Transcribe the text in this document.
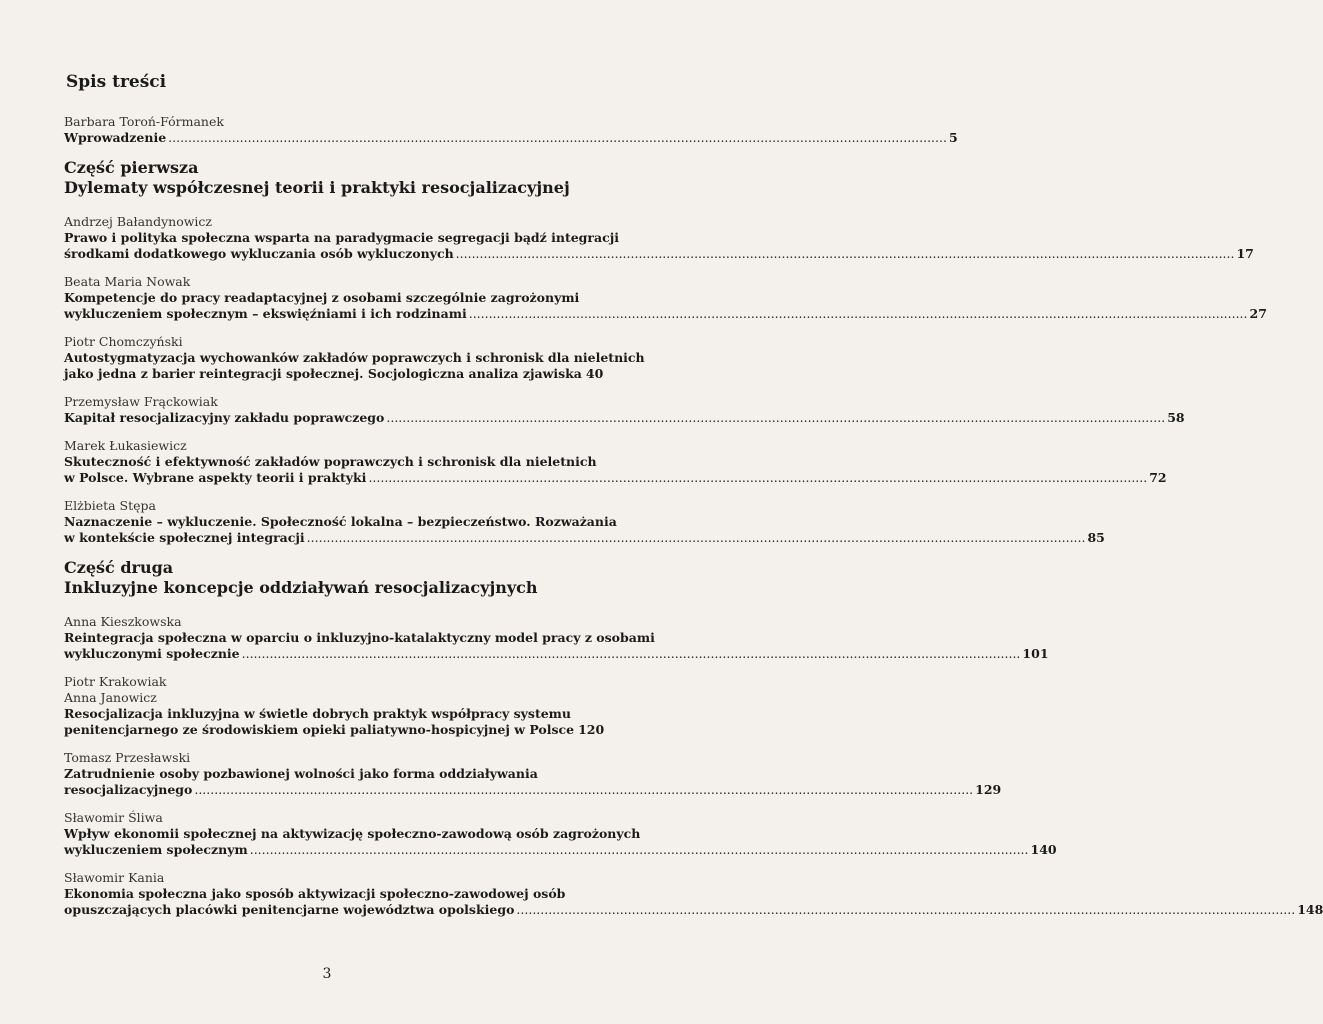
Spis treści

Barbara Toroń-Fórmanek

Wprowadzenie .....	5
Część pierwsza
Dylematy współczesnej teorii i praktyki resocjalizacyjnej

Andrzej Bałandynowicz

Prawo i polityka społeczna wsparta na paradygmacie segregacji bądź integracji
środkami dodatkowego wykluczania osób wykluczonych .....	17

Beata Maria Nowak

Kompetencje do pracy readaptacyjnej z osobami szczególnie zagrożonymi
wykluczeniem społecznym – ekswięźniami i ich rodzinami .....	27

Piotr Chomczyński

Autostygmatyzacja wychowanków zakładów poprawczych i schronisk dla nieletnich
jako jedna z barier reintegracji społecznej. Socjologiczna analiza zjawiska 40

Przemysław Frąckowiak

Kapitał resocjalizacyjny zakładu poprawczego .....	58

Marek Łukasiewicz

Skuteczność i efektywność zakładów poprawczych i schronisk dla nieletnich
w Polsce. Wybrane aspekty teorii i praktyki .....	72

Elżbieta Stępa

Naznaczenie – wykluczenie. Społeczność lokalna – bezpieczeństwo. Rozważania
w kontekście społecznej integracji .....	85
Część druga
Inkluzyjne koncepcje oddziaływań resocjalizacyjnych

Anna Kieszkowska

Reintegracja społeczna w oparciu o inkluzyjno-katalaktyczny model pracy z osobami
wykluczonymi społecznie .....	101

Piotr Krakowiak

Anna Janowicz

Resocjalizacja inkluzyjna w świetle dobrych praktyk współpracy systemu
penitencjarnego ze środowiskiem opieki paliatywno-hospicyjnej w Polsce 120

Tomasz Przesławski

Zatrudnienie osoby pozbawionej wolności jako forma oddziaływania
resocjalizacyjnego .....	129

Sławomir Śliwa

Wpływ ekonomii społecznej na aktywizację społeczno-zawodową osób zagrożonych
wykluczeniem społecznym .....	140

Sławomir Kania

Ekonomia społeczna jako sposób aktywizacji społeczno-zawodowej osób
opuszczających placówki penitencjarne województwa opolskiego .....	148
3
